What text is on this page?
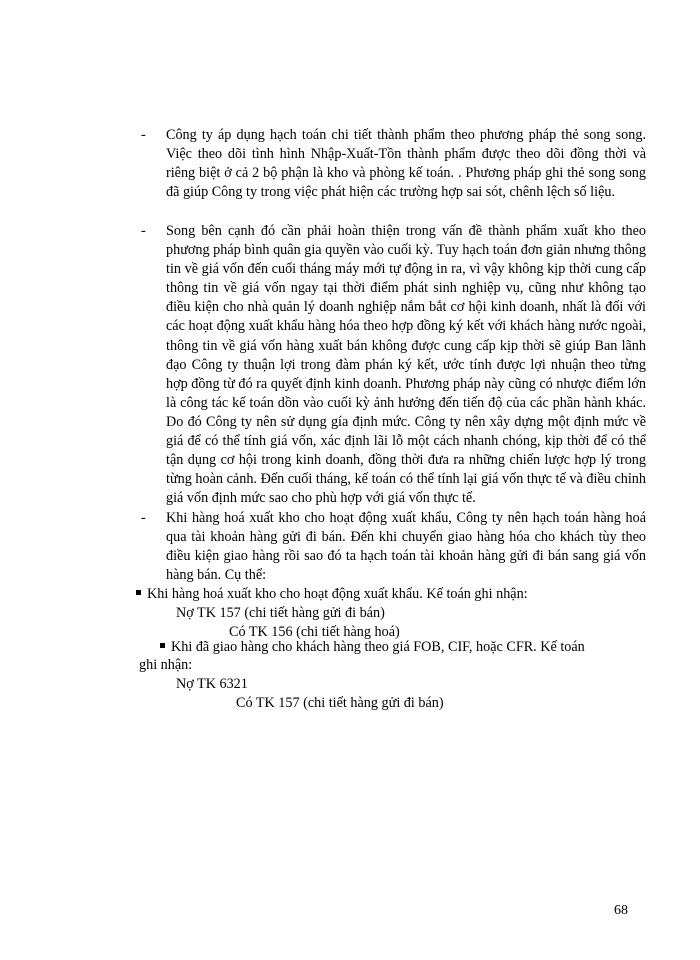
-	Công ty áp dụng hạch toán chi tiết thành phẩm theo phương pháp thẻ song song. Việc theo dõi tình hình Nhập-Xuất-Tồn thành phẩm được theo dõi đồng thời và riêng biệt ở cả 2 bộ phận là kho và phòng kế toán. . Phương pháp ghi thẻ song song đã giúp Công ty trong việc phát hiện các trường hợp sai sót, chênh lệch số liệu.
-	Song bên cạnh đó cần phải hoàn thiện trong vấn đề thành phẩm xuất kho theo phương pháp bình quân gia quyền vào cuối kỳ. Tuy hạch toán đơn giản nhưng thông tin về giá vốn đến cuối tháng máy mới tự động in ra, vì vậy không kịp thời cung cấp thông tin về giá vốn ngay tại thời điểm phát sinh nghiệp vụ, cũng như không tạo điều kiện cho nhà quản lý doanh nghiệp nắm bắt cơ hội kinh doanh, nhất là đối với các hoạt động xuất khẩu hàng hóa theo hợp đồng ký kết với khách hàng nước ngoài, thông tin về giá vốn hàng xuất bán không được cung cấp kịp thời sẽ giúp Ban lãnh đạo Công ty thuận lợi trong đàm phán ký kết, ước tính được lợi nhuận theo từng hợp đồng từ đó ra quyết định kinh doanh. Phương pháp này cũng có nhược điểm lớn là công tác kế toán dồn vào cuối kỳ ảnh hưởng đến tiến độ của các phần hành khác. Do đó Công ty nên sử dụng gía định mức. Công ty nên xây dựng một định mức về giá để có thể tính giá vốn, xác định lãi lỗ một cách nhanh chóng, kịp thời để có thể tận dụng cơ hội trong kinh doanh, đồng thời đưa ra những chiến lược hợp lý trong từng hoàn cảnh. Đến cuối tháng, kế toán có thể tính lại giá vốn thực tế và điều chỉnh giá vốn định mức sao cho phù hợp với giá vốn thực tế.
-	Khi hàng hoá xuất kho cho hoạt động xuất khẩu, Công ty nên hạch toán hàng hoá qua tài khoản hàng gửi đi bán. Đến khi chuyển giao hàng hóa cho khách tùy theo điều kiện giao hàng rồi sao đó ta hạch toán tài khoản hàng gửi đi bán sang giá vốn hàng bán. Cụ thể:
Khi hàng hoá xuất kho cho hoạt động xuất khẩu. Kế toán ghi nhận:
Nợ TK 157 (chi tiết hàng gửi đi bán)
Có TK 156 (chi tiết hàng hoá)
Khi đã giao hàng cho khách hàng theo giá FOB, CIF, hoặc CFR. Kế toán
ghi nhận:
Nợ TK 6321
Có TK 157 (chi tiết hàng gửi đi bán)
68
